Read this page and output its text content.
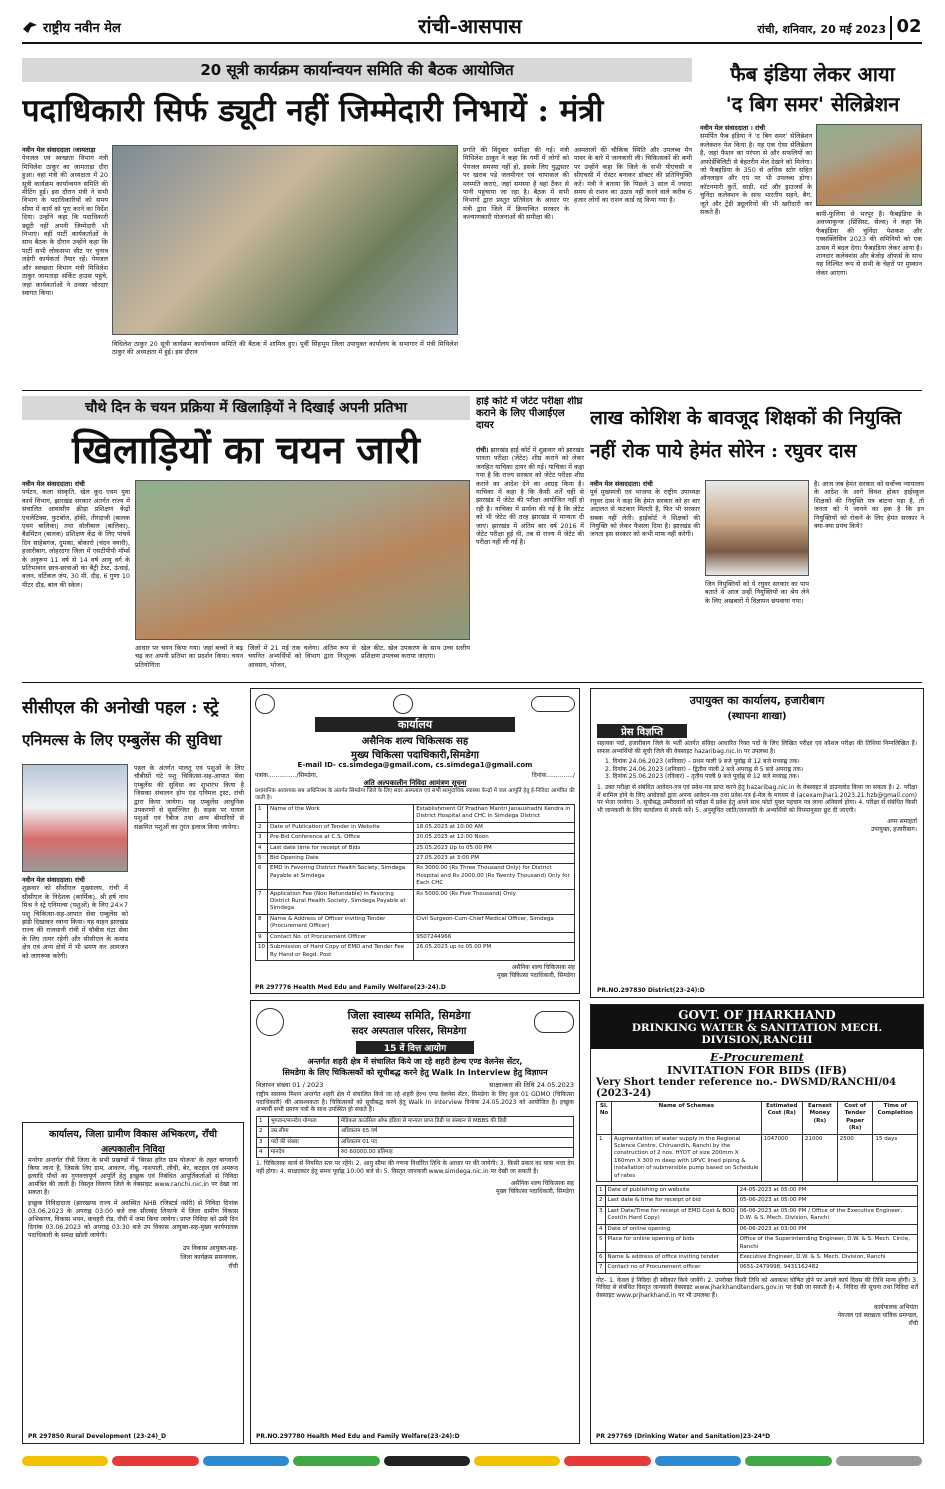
राष्ट्रीय नवीन मेल	रांची-आसपास	रांची, शनिवार, 20 मई 2023 02
20 सूत्री कार्यक्रम कार्यान्वयन समिति की बैठक आयोजित
पदाधिकारी सिर्फ ड्यूटी नहीं जिम्मेदारी निभायें : मंत्री
नवीन मेल संवाददाता ।जामताड़ा
पेयजल एवं स्वच्छता विभाग मंत्री मिथिलेश ठाकुर का जामताड़ा दौरा हुआ। वहां मंत्री की अध्यक्षता में 20 सूत्री कार्यक्रम कार्यान्वयन समिति की मीटिंग हुई। इस दौरान मंत्री ने सभी विभाग के पदाधिकारियों को समय सीमा में कार्य को पूरा करने का निर्देश दिया। उन्होंने कहा कि पदाधिकारी ड्यूटी नहीं अपनी जिम्मेदारी भी निभाएं। वहीं पार्टी कार्यकर्ताओं के साथ बैठक के दौरान उन्होंने कहा कि पार्टी सभी लोकसभा सीट पर चुनाव लड़ेगी कार्यकर्ता तैयार रहें। पेयजल और स्वच्छता विभाग मंत्री मिथिलेश ठाकुर जामताड़ा सर्किट हाउस पहुंचे, जहां कार्यकर्ताओं ने उनका जोरदार स्वागत किया।
विधिलेश ठाकुर 20 सूत्री कार्यक्रम कार्यान्वयन समिति की बैठक में शामिल हुए। पूर्वी सिंहभूम जिला उपायुक्त कार्यालय के सभागार में मंत्री मिथिलेश ठाकुर की अध्यक्षता में हुई। इस दौरान
प्रगति की विंदुवार समीक्षा की गई। मंत्री मिथिलेश ठाकुर ने कहा कि गर्मी में लोगों को पेयजल समस्या नहीं हो, इसके लिए युद्धस्तर पर खराब पड़े जलमीनार एवं चापाकल की मरम्मति कराएं, जहां समस्या है वहां टैंकर से पानी पहुंचाया जा रहा है। बैठक में सभी विभागों द्वारा प्रस्तुत प्रतिवेदन के आधार पर मंत्री द्वारा जिले में क्रियान्वित सरकार के कल्याणकारी योजनाओं की समीक्षा की।
अस्पतालों की चौकिक स्थिति और उपलब्ध मैन पावर के बारे में जानकारी ली। चिकित्सकों की कमी पर उन्होंने कहा कि जिले के सभी पीएचसी व सीएचसी में रोस्टर बनाकर डॉक्टर की प्रतिनियुक्ति करें। मंत्री ने बताया कि पिछले 3 साल में ज्यादा समय से राशन का उठाव नहीं करने वाले करीब 6 हजार लोगों का राशन कार्ड रद्द किया गया है।
फैब इंडिया लेकर आया
'द बिग समर' सेलिब्रेशन
नवीन मेल संवाददाता । रांची
समर्पित फैब इंडिया ने 'द बिग समर' सेलिब्रेशन कलेक्शन पेश किया है। यह एक ऐसा सेलिब्रेशन है, जहां फैशन का परंपरा से और सफलियों का अफोर्डेबिलिटी से बेहतरीन मेल देखने को मिलेगा। जो फैबइंडिया के 350 से अधिक स्टोर सहित ऑनलाइन और एप पर भी उपलब्ध होगा। कॉटनमारी कुर्ते, साड़ी, शर्ट और ड्राउजर्स के चुनिंदा कलेक्शन के साथ भारतीय सहने, बैग, जूते और ट्रेंडी ड्यूलरियों की भी खरीदारी कर सकते हैं।	बापी-फुलिया से भरपूर है। फैबइंडिया के अवध्याकुन्ज (प्रिंसिस्ट, सेल्स) ने कहा कि फैबइंडिया की चुनिंदा पेशकश और एक्सक्लिसिव 2023 की समिनियों को एक उत्सव में बदल देगा। फैबइंडिया लेकर आया है। शानदार कलेक्शंस और बेजोड़ ऑफर्स के साथ यह निश्चित रूप से सभी के चेहरों पर मुस्कान लेकर आएगा।
चौथे दिन के चयन प्रक्रिया में खिलाड़ियों ने दिखाई अपनी प्रतिभा
खिलाड़ियों का चयन जारी
नवीन मेल संवाददाता। रांची
पर्यटन, कला संस्कृति, खेल कूद एवम युवा कार्य विभाग, झारखंड सरकार अंतर्गत राज्य में संचालित आवासीय क्रीड़ा प्रशिक्षण केंद्रों एथलेटिक्स, फुटबॉल, हॉकी, तीरंदाजी (बालक एवम बालिका) तथा वॉलीबाल (बालिका), बैडमिंटन (बालक) प्रशिक्षण केंद्र के लिए पांचवें दिन साहेबगंज, दुमका, बोकारो (चंदन क्यारी), हजारीबाग, लोहरदगा जिला में एसटीपीपी मॉर्म्स के अनुरूप 11 वर्ष से 14 वर्ष आयु वर्ग के प्रतिभावान छात्र-छात्राओं का बैट्री टेस्ट, ऊंचाई, वजन, वर्टिकल जंप, 30 मी. दौड़, 6 गुणा 10 मीटर दौड़, बाल की स्केल।
आधार पर चयन किया गया। जहां बच्चों ने बढ़ चढ़ कर अपनी प्रतिभा का प्रदर्शन किया। चयन प्रतियोगिता
जिलों में 21 मई तक चलेगा। अंतिम रूप से चयनित अभ्यर्थियों को विभाग द्वारा निःशुल्क आवसन, भोजन,
खेल कीट, खेल उपकरण के साथ उच्च स्तरीय प्रशिक्षण उपलब्ध कराया जाएगा।
हाई कोर्ट में जेटेट परीक्षा शीघ्र कराने के लिए पीआईएल दायर
रांची। झारखंड हाई कोर्ट में शुक्रवार को झारखंड पात्रता परीक्षा (जेटेट) शीघ्र कराने को लेकर जनहित याचिका दायर की गई। याचिका में कहा गया है कि राज्य सरकार को जेटेट परीक्षा शीघ्र कराने का आदेश देने का आग्रह किया है। याचिका में कहा है कि कैसी शर्तें यहीं से झारखंड में जेटेट की परीक्षा आयोजित नहीं हो रही है। याचिका में प्रार्थना की गई है कि जेटेट को भी जेटेट की तरह झारखंड में मान्यता दी जाए। झारखंड में अंतिम बार वर्ष 2016 में जेटेट परीक्षा हुई थी, तब से राज्य में जेटेट की परीक्षा नहीं ली गई है।
लाख कोशिश के बावजूद शिक्षकों की नियुक्ति नहीं रोक पाये हेमंत सोरेन : रघुवर दास
नवीन मेल संवाददाता। रांची
पूर्व मुख्यमंत्री एवं भाजपा के राष्ट्रीय उपाध्यक्ष रघुवर दास ने कहा कि हेमंत सरकार को हर बार अदालत से फटकार मिलती है, फिर भी सरकार सबक नहीं लेती। हाईकोर्ट ने शिक्षकों की नियुक्ति को लेकर फैसला दिया है। झारखंड की जनता इस सरकार को कभी माफ नहीं करेगी।
जिन नियुक्तियों को ये रघुवर सरकार का पाप बताते थे आज उन्हीं नियुक्तियों का श्रेय लेने के लिए अखबारों में विज्ञापन छपवाया गया।
है। आज जब हेमंत सरकार को सर्वोच्च न्यायालय के आदेश के आगे विवश होकर हाईस्कूल शिक्षकों की नियुक्ति पत्र बांटना पड़ा है, तो जनता को ये जानने का हक है कि इन नियुक्तियों को रोकने के लिए हेमंत सरकार ने क्या-क्या प्रपंच किये?
सीसीएल की अनोखी पहल : स्ट्रे
एनिमल्स के लिए एम्बुलेंस की सुविधा
नवीन मेल संवाददाता। रांची
शुक्रवार को सीसीएल मुख्यालय, रांची में सीसीएल के निदेशक (कार्मिक), श्री हर्ष नाथ मिश्र ने स्ट्रे एनिमल्स (पशुओं) के लिए 24×7 पशु चिकित्सा-सह-आपात सेवा एम्बुलेंस को झंडी दिखाकर रवाना किया। यह वाहन झारखंड राज्य की राजधानी रांची में चौबीस घंटा सेवा के लिए तत्पर रहेगी और सीसीएल के कमांड क्षेत्र एवं अन्य क्षेत्रों में भी भ्रमण कर आमजन को जागरूक करेगी।
पहल के अंतर्गत पालतू एवं पशुओं के लिए चौबीसों घंटे पशु चिकित्सा-सह-आपात सेवा एम्बुलेंस की सुविधा का शुभारंभ किया है जिसका संचालन होप एंड एनिमल ट्रस्ट, रांची द्वारा किया जायेगा। यह एम्बुलेंस आधुनिक उपकरणों से सुसज्जित है। सड़क पर घायल पशुओं एवं रैबीज तथा अन्य बीमारियों से संक्रमित पशुओं का तुरंत इलाज किया जायेगा।
कार्यालय
असैनिक शल्य चिकित्सक सह
मुख्य चिकित्सा पदाधिकारी,सिमडेगा
E-mail ID- cs.simdega@gmail.com, cs.simdega1@gmail.com
पत्रांक.............../सिमडेगा,	दिनांक............../
अति अल्पकालीन निविदा आमंत्रण सूचना
प्रशासनिक आवश्यक सब अधिनियम के अंतर्गत सिमडेगा जिले के लिए सदर अस्पताल एवं सभी सामुदायिक स्वास्थ्य केन्द्रों में जल आपूर्ति हेतु ई-निविदा आमंत्रित की जाती है।
1	Name of the Work	Establishment Of Pradhan Mantri Janaushadhi Kendra in District Hospital and CHC in Simdega District
2	Date of Publication of Tender in Website	18.05.2023 at 10:00 AM
3	Pre-Bid Conference at C.S. Office	20.05.2023 at 12:00 Noon
4	Last date time for receipt of Bids	25.05.2023 Up to 05:00 PM
5	Bid Opening Date	27.05.2023 at 3:00 PM
6	EMD in Favoring District Health Society, Simdega Payable at Simdega	Rs 3000.00 (Rs Three Thousand Only) for District Hospital and Rs 2000.00 (Rs Twenty Thousand) Only for Each CHC
7	Application Fee (Non Refundable) in Favoring District Rural Health Society, Simdega Payable at Simdega	Rs 5000.00 (Rs Five Thousand) Only
8	Name & Address of Officer inviting Tender (Procurement Officer)	Civil Surgeon-Cum-Chief Medical Officer, Simdega
9	Contact No. of Procurement Officer	9507244966
10	Submission of Hard Copy of EMD and Tender Fee By Hand or Regd. Post	26.05.2023 up to 05.00 PM
असैनिक शल्य चिकित्सक सह
मुख्य चिकित्सा पदाधिकारी, सिमडेगा
PR 297776 Health Med Edu and Family Welfare(23-24).D
उपायुक्त का कार्यालय, हजारीबाग
(स्थापना शाखा)
प्रेस विज्ञप्ति
सहायक पदों, हजारीबाग जिले के भर्ती अंतर्गत संविदा आधारित रिक्त पदों के लिए लिखित परीक्षा एवं कौशल परीक्षा की तिथियां निम्नलिखित हैं। सफल अभ्यर्थियों की सूची जिले की वेबसाइट hazaribag.nic.in पर उपलब्ध है।
1. दिनांक 24.06.2023 (शनिवार) – प्रथम पाली 9 बजे पूर्वाह्न से 12 बजे मध्याह्न तक।
2. दिनांक 24.06.2023 (शनिवार) – द्वितीय पाली 2 बजे अपराह्न से 5 बजे अपराह्न तक।
3. दिनांक 25.06.2023 (रविवार) – तृतीय पाली 9 बजे पूर्वाह्न से 12 बजे मध्याह्न तक।
1. उक्त परीक्षा से संबंधित आवेदन-पत्र एवं प्रवेश-पत्र प्राप्त करने हेतु hazaribag.nic.in के वेबसाइट से डाउनलोड किया जा सकता है। 2. परीक्षा में शामिल होने के लिए आवेदकों द्वारा अपना आवेदन-पत्र तथा प्रवेश-पत्र ई-मेल के माध्यम से (acexamjhar1.2023.21.hzb@gmail.com) पर भेजा जायेगा। 3. सूचीबद्ध उम्मीदवारों को परीक्षा में प्रवेश हेतु अपने साथ फोटो युक्त पहचान पत्र लाना अनिवार्य होगा। 4. परीक्षा से संबंधित किसी भी जानकारी के लिए कार्यालय से संपर्क करें। 5. अनुसूचित जाति/जनजाति के अभ्यर्थियों को नियमानुसार छूट दी जाएगी।
अपर समाहर्ता
उपायुक्त, हजारीबाग।
PR.NO.297830 District(23-24):D
कार्यालय, जिला ग्रामीण विकास अभिकरण, राँची
अल्पकालीन निविदा
मनरेगा अन्तर्गत राँची जिला के सभी प्रखण्डों में 'बिरसा हरित ग्राम योजना' के तहत बागवानी किया जाना है, जिसके लिए ग्राम, आवरण, नींबू, नाशपाती, लीची, बेर, कटहल एवं अमरूद इत्यादि पौधों का गुणवत्तापूर्ण आपूर्ति हेतु इच्छुक एवं निबंधित आपूर्तिकर्ताओं से निविदा आमंत्रित की जाती है। विस्तृत विवरण जिले के वेबसाइट www.ranchi.nic.in पर देखा जा सकता है।
इच्छुक निविदादाता (झारखण्ड राज्य में अवस्थित NHB रजिस्टर्ड नर्सरी) से निविदा दिनांक 03.06.2023 के अपराह्न 03:00 बजे तक सीलबंद लिफाफे में जिला ग्रामीण विकास अभिकरण, विकास भवन, कचहरी रोड, राँची में जमा किया जायेगा। प्राप्त निविदा को उसी दिन दिनांक 03.06.2023 को अपराह्न 03:30 बजे उप विकास आयुक्त-सह-मुख्य कार्यपालक पदाधिकारी के समक्ष खोली जायेगी।
उप विकास आयुक्त-सह-
जिला कार्यक्रम समन्वयक,
राँची
PR 297850 Rural Development (23-24)_D
जिला स्वास्थ्य समिति, सिमडेगा
सदर अस्पताल परिसर, सिमडेगा
15 वें वित्त आयोग
अन्तर्गत शहरी क्षेत्र में संचालित किये जा रहे शहरी हेल्थ एण्ड वेलनेस सेंटर,
सिमडेगा के लिए चिकित्सकों को सूचीबद्ध करने हेतु Walk In Interview हेतु विज्ञापन
विज्ञापन संख्या 01 / 2023	साक्षात्कार की तिथि 24.05.2023
राष्ट्रीय स्वास्थ्य मिशन अन्तर्गत शहरी क्षेत्र में संचालित किये जा रहे शहरी हेल्थ एण्ड वेलनेस सेंटर, सिमडेगा के लिए कुल 01 GDMO (चिकित्सा पदाधिकारी) की आवश्यकता है। चिकित्सकों को सूचीबद्ध करने हेतु Walk In Interview दिनांक 24.05.2023 को आयोजित है। इच्छुक अभ्यर्थी सभी प्रमाण पत्रों के साथ उपस्थित हो सकते हैं।
1	भुगतान/मानदेय योग्यता	मेडिकल काउंसिल ऑफ इंडिया से मान्यता प्राप्त डिग्री या संस्थान से MBBS की डिग्री
2	उम्र सीमा	अधिकतम 65 वर्ष
3	पदों की संख्या	अधिकतम 01 पद
4	मानदेय	रु0 60000.00 प्रतिमाह
1. चिकित्सक कार्य से नियमित स्तर पर रहेंगे। 2. आयु सीमा की गणना निर्धारित तिथि के आधार पर की जायेगी। 3. किसी प्रकार का यात्रा भत्ता देय नहीं होगा। 4. साक्षात्कार हेतु समय पूर्वाह्न 10:00 बजे से। 5. विस्तृत जानकारी www.simdega.nic.in पर देखी जा सकती है।
असैनिक शल्य चिकित्सक सह
मुख्य चिकित्सा पदाधिकारी, सिमडेगा
PR.NO.297780 Health Med Edu and Family Welfare(23-24):D
GOVT. OF JHARKHAND
DRINKING WATER & SANITATION MECH. DIVISION,RANCHI
E-Procurement
INVITATION FOR BIDS (IFB)
Very Short tender reference no.- DWSMD/RANCHI/04 (2023-24)
Sl. No	Name of Schemes	Estimated Cost (Rs)	Earnest Money (Rs)	Cost of Tender Paper (Rs)	Time of Completion
1	Augmentation of water supply in the Regional Science Centre, Chiruandih, Ranchi by the construction of 2 nos. HYDT of size 200mm X 160mm X 300 m deep with UPVC lined piping & installation of submersible pump based on Schedule of rates	1047000	21000	2500	15 days
1	Date of publishing on website	24-05-2023 at 05:00 PM
2	Last date & time for receipt of bid	05-06-2023 at 05:00 PM
3	Last Date/Time for receipt of EMD Cost & BOQ Cost(In Hard Copy)	06-06-2023 at 05:00 PM / Office of the Executive Engineer, D.W. & S. Mech. Division, Ranchi
4	Date of online opening	06-06-2023 at 03:00 PM
5	Place for online opening of bids	Office of the Superintending Engineer, D.W. & S. Mech. Circle, Ranchi
6	Name & address of office inviting tender	Executive Engineer, D.W. & S. Mech. Division, Ranchi
7	Contact no of Procurement officer	0651-2479998, 9431162482
नोट– 1. केवल ई निविदा ही स्वीकार किये जायेंगे। 2. उपरोक्त किसी तिथि को अवकाश घोषित होने पर अगले कार्य दिवस की तिथि मान्य होगी। 3. निविदा से संबंधित विस्तृत जानकारी वेबसाइट www.jharkhandtenders.gov.in पर देखी जा सकती है। 4. निविदा की सूचना तथा निविदा शर्तें वेबसाइट www.prjharkhand.in पर भी उपलब्ध हैं।
कार्यपालक अभियंता
पेयजल एवं स्वच्छता यांत्रिक प्रमण्डल,
राँची
PR 297769 (Drinking Water and Sanitation)23-24*D
